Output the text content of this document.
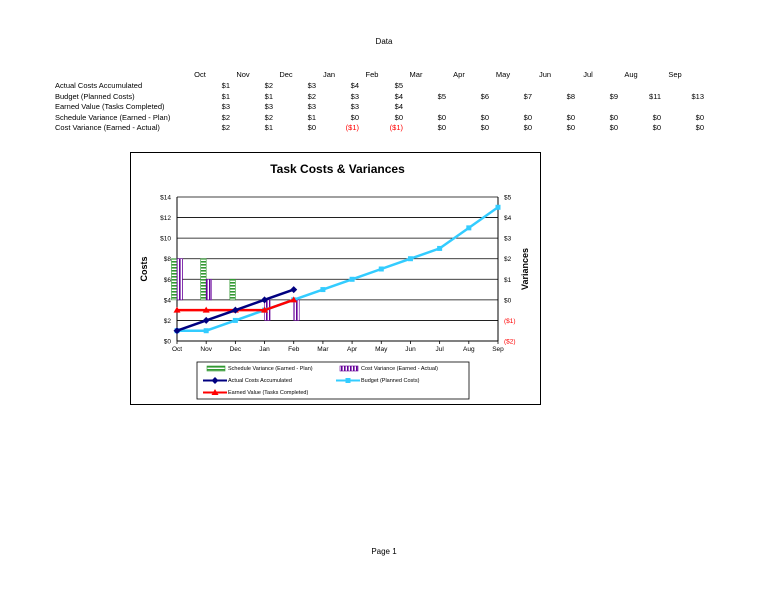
Data
Oct	Nov	Dec	Jan	Feb	Mar	Apr	May	Jun	Jul	Aug	Sep
Actual Costs Accumulated	$1	$2	$3	$4	$5
Budget (Planned Costs)	$1	$1	$2	$3	$4	$5	$6	$7	$8	$9	$11	$13
Earned Value (Tasks Completed)	$3	$3	$3	$3	$4
Schedule Variance (Earned - Plan)	$2	$2	$1	$0	$0	$0	$0	$0	$0	$0	$0	$0
Cost Variance (Earned - Actual)	$2	$1	$0	($1)	($1)	$0	$0	$0	$0	$0	$0	$0
Task Costs & Variances
$0
$2
$4
$6
$8
$10
$12
$14
($2)
($1)
$0
$1
$2
$3
$4
$5
Oct	Nov	Dec	Jan	Feb	Mar	Apr	May	Jun	Jul	Aug	Sep
Costs	Variances
Schedule Variance (Earned - Plan)	Cost Variance (Earned - Actual)
Actual Costs Accumulated	Budget (Planned Costs)
Earned Value (Tasks Completed)
Page 1
